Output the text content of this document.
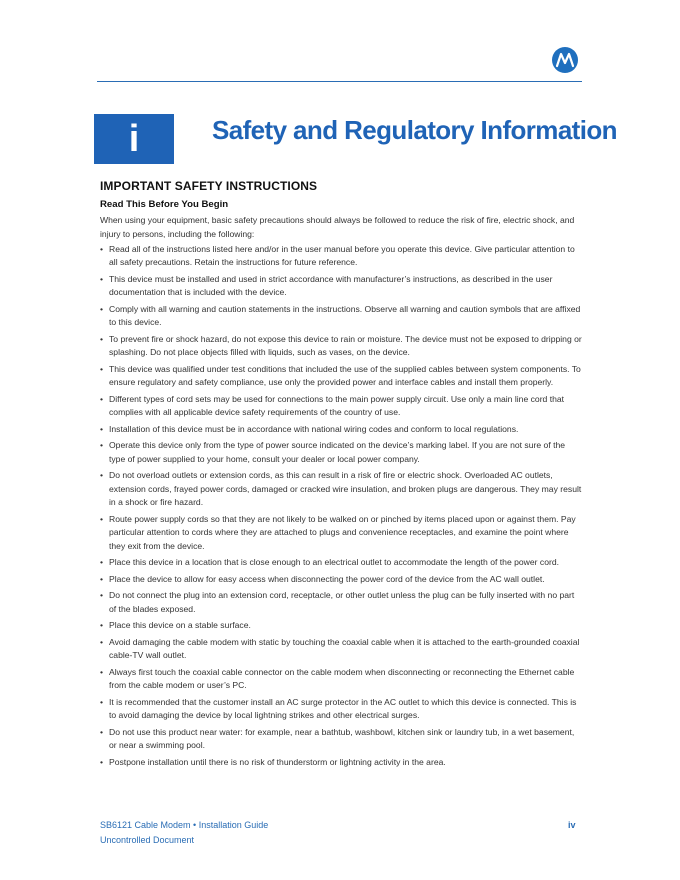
i	Safety and Regulatory Information
IMPORTANT SAFETY INSTRUCTIONS
Read This Before You Begin

When using your equipment, basic safety precautions should always be followed to reduce the risk of fire, electric shock, and injury to persons, including the following:

• Read all of the instructions listed here and/or in the user manual before you operate this device. Give particular attention to all safety precautions. Retain the instructions for future reference.
• This device must be installed and used in strict accordance with manufacturer’s instructions, as described in the user documentation that is included with the device.
• Comply with all warning and caution statements in the instructions. Observe all warning and caution symbols that are affixed to this device.
• To prevent fire or shock hazard, do not expose this device to rain or moisture. The device must not be exposed to dripping or splashing. Do not place objects filled with liquids, such as vases, on the device.
• This device was qualified under test conditions that included the use of the supplied cables between system components. To ensure regulatory and safety compliance, use only the provided power and interface cables and install them properly.
• Different types of cord sets may be used for connections to the main power supply circuit. Use only a main line cord that complies with all applicable device safety requirements of the country of use.
• Installation of this device must be in accordance with national wiring codes and conform to local regulations.
• Operate this device only from the type of power source indicated on the device’s marking label. If you are not sure of the type of power supplied to your home, consult your dealer or local power company.
• Do not overload outlets or extension cords, as this can result in a risk of fire or electric shock. Overloaded AC outlets, extension cords, frayed power cords, damaged or cracked wire insulation, and broken plugs are dangerous. They may result in a shock or fire hazard.
• Route power supply cords so that they are not likely to be walked on or pinched by items placed upon or against them. Pay particular attention to cords where they are attached to plugs and convenience receptacles, and examine the point where they exit from the device.
• Place this device in a location that is close enough to an electrical outlet to accommodate the length of the power cord.
• Place the device to allow for easy access when disconnecting the power cord of the device from the AC wall outlet.
• Do not connect the plug into an extension cord, receptacle, or other outlet unless the plug can be fully inserted with no part of the blades exposed.
• Place this device on a stable surface.
• Avoid damaging the cable modem with static by touching the coaxial cable when it is attached to the earth-grounded coaxial cable-TV wall outlet.
• Always first touch the coaxial cable connector on the cable modem when disconnecting or reconnecting the Ethernet cable from the cable modem or user’s PC.
• It is recommended that the customer install an AC surge protector in the AC outlet to which this device is connected. This is to avoid damaging the device by local lightning strikes and other electrical surges.
• Do not use this product near water: for example, near a bathtub, washbowl, kitchen sink or laundry tub, in a wet basement, or near a swimming pool.
• Postpone installation until there is no risk of thunderstorm or lightning activity in the area.
SB6121 Cable Modem • Installation Guide
Uncontrolled Document
iv
